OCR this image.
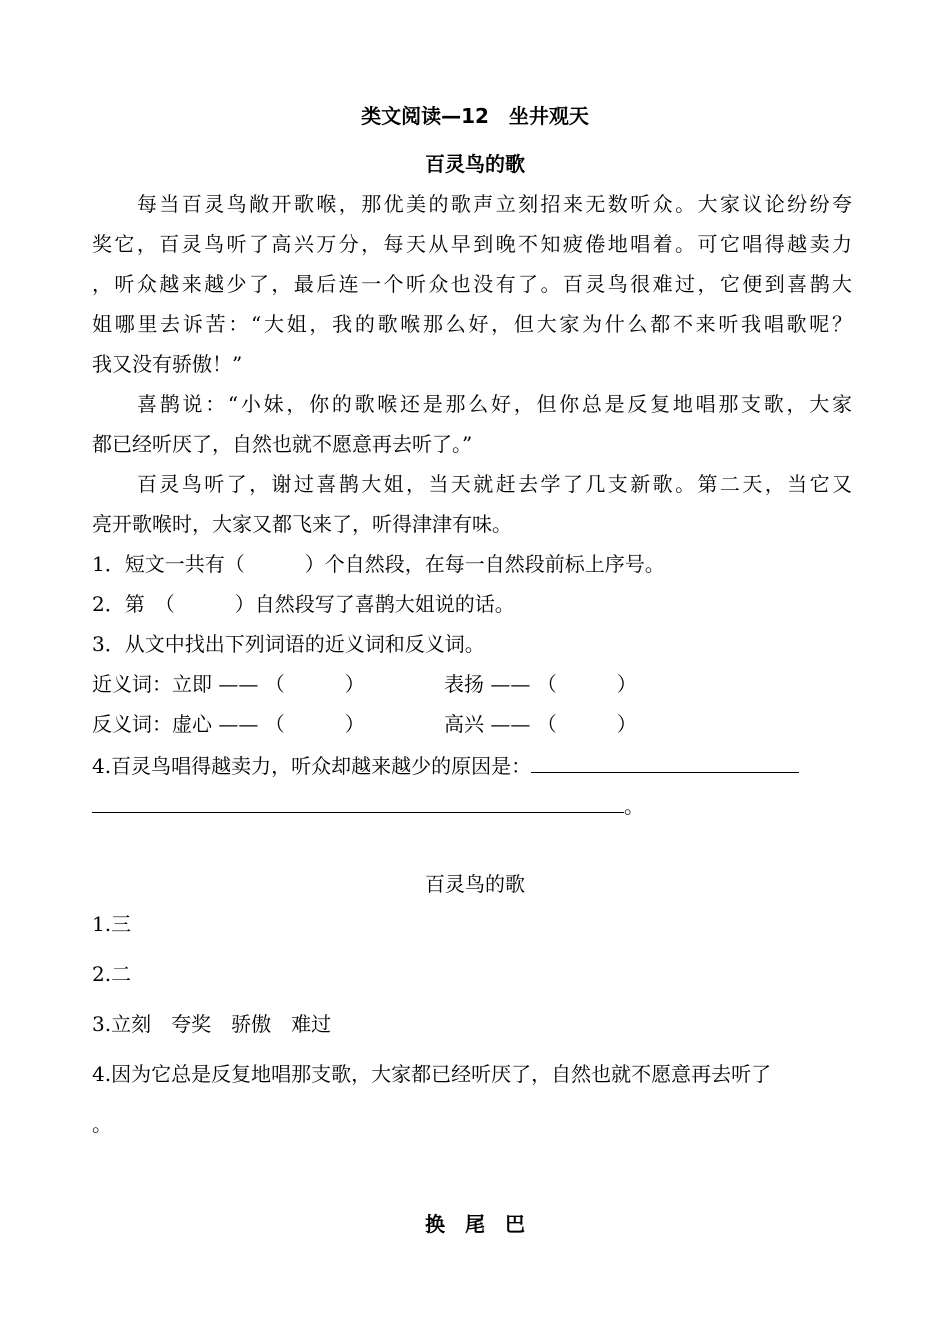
类文阅读—12　坐井观天
百灵鸟的歌
每当百灵鸟敞开歌喉，那优美的歌声立刻招来无数听众。大家议论纷纷夸
奖它，百灵鸟听了高兴万分，每天从早到晚不知疲倦地唱着。可它唱得越卖力
，听众越来越少了，最后连一个听众也没有了。百灵鸟很难过，它便到喜鹊大
姐哪里去诉苦：“大姐，我的歌喉那么好，但大家为什么都不来听我唱歌呢？
我又没有骄傲！”
喜鹊说：“小妹，你的歌喉还是那么好，但你总是反复地唱那支歌，大家
都已经听厌了，自然也就不愿意再去听了。”
百灵鸟听了，谢过喜鹊大姐，当天就赶去学了几支新歌。第二天，当它又
亮开歌喉时，大家又都飞来了，听得津津有味。
1．短文一共有（　　　）个自然段，在每一自然段前标上序号。
2．第　（　　　）自然段写了喜鹊大姐说的话。
3．从文中找出下列词语的近义词和反义词。
近义词：立即 —— （　　　）	表扬 —— （　　　）
反义词：虚心 —— （　　　）	高兴 —— （　　　）
4.百灵鸟唱得越卖力，听众却越来越少的原因是：
。
百灵鸟的歌
1.三
2.二
3.立刻　夸奖　骄傲　难过
4.因为它总是反复地唱那支歌，大家都已经听厌了，自然也就不愿意再去听了
。
换　尾　巴
